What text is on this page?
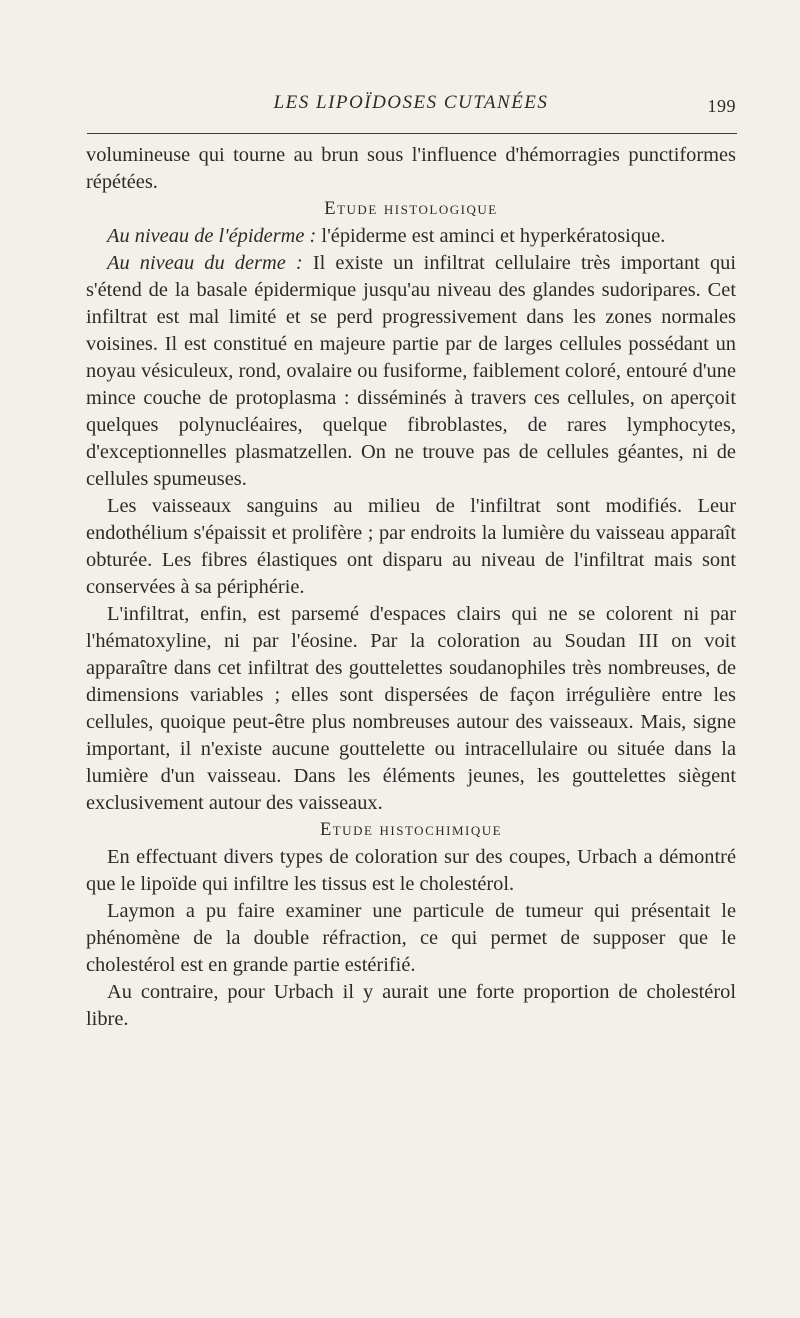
LES LIPOÏDOSES CUTANÉES	199

volumineuse qui tourne au brun sous l'influence d'hémorragies punctiformes répétées.

Etude histologique

Au niveau de l'épiderme : l'épiderme est aminci et hyperkératosique.

Au niveau du derme : Il existe un infiltrat cellulaire très important qui s'étend de la basale épidermique jusqu'au niveau des glandes sudoripares. Cet infiltrat est mal limité et se perd progressivement dans les zones normales voisines. Il est constitué en majeure partie par de larges cellules possédant un noyau vésiculeux, rond, ovalaire ou fusiforme, faiblement coloré, entouré d'une mince couche de protoplasma : disséminés à travers ces cellules, on aperçoit quelques polynucléaires, quelque fibroblastes, de rares lymphocytes, d'exceptionnelles plasmatzellen. On ne trouve pas de cellules géantes, ni de cellules spumeuses.

Les vaisseaux sanguins au milieu de l'infiltrat sont modifiés. Leur endothélium s'épaissit et prolifère ; par endroits la lumière du vaisseau apparaît obturée. Les fibres élastiques ont disparu au niveau de l'infiltrat mais sont conservées à sa périphérie.

L'infiltrat, enfin, est parsemé d'espaces clairs qui ne se colorent ni par l'hématoxyline, ni par l'éosine. Par la coloration au Soudan III on voit apparaître dans cet infiltrat des gouttelettes soudanophiles très nombreuses, de dimensions variables ; elles sont dispersées de façon irrégulière entre les cellules, quoique peut-être plus nombreuses autour des vaisseaux. Mais, signe important, il n'existe aucune gouttelette ou intracellulaire ou située dans la lumière d'un vaisseau. Dans les éléments jeunes, les gouttelettes siègent exclusivement autour des vaisseaux.

Etude histochimique

En effectuant divers types de coloration sur des coupes, Urbach a démontré que le lipoïde qui infiltre les tissus est le cholestérol.

Laymon a pu faire examiner une particule de tumeur qui présentait le phénomène de la double réfraction, ce qui permet de supposer que le cholestérol est en grande partie estérifié.

Au contraire, pour Urbach il y aurait une forte proportion de cholestérol libre.
